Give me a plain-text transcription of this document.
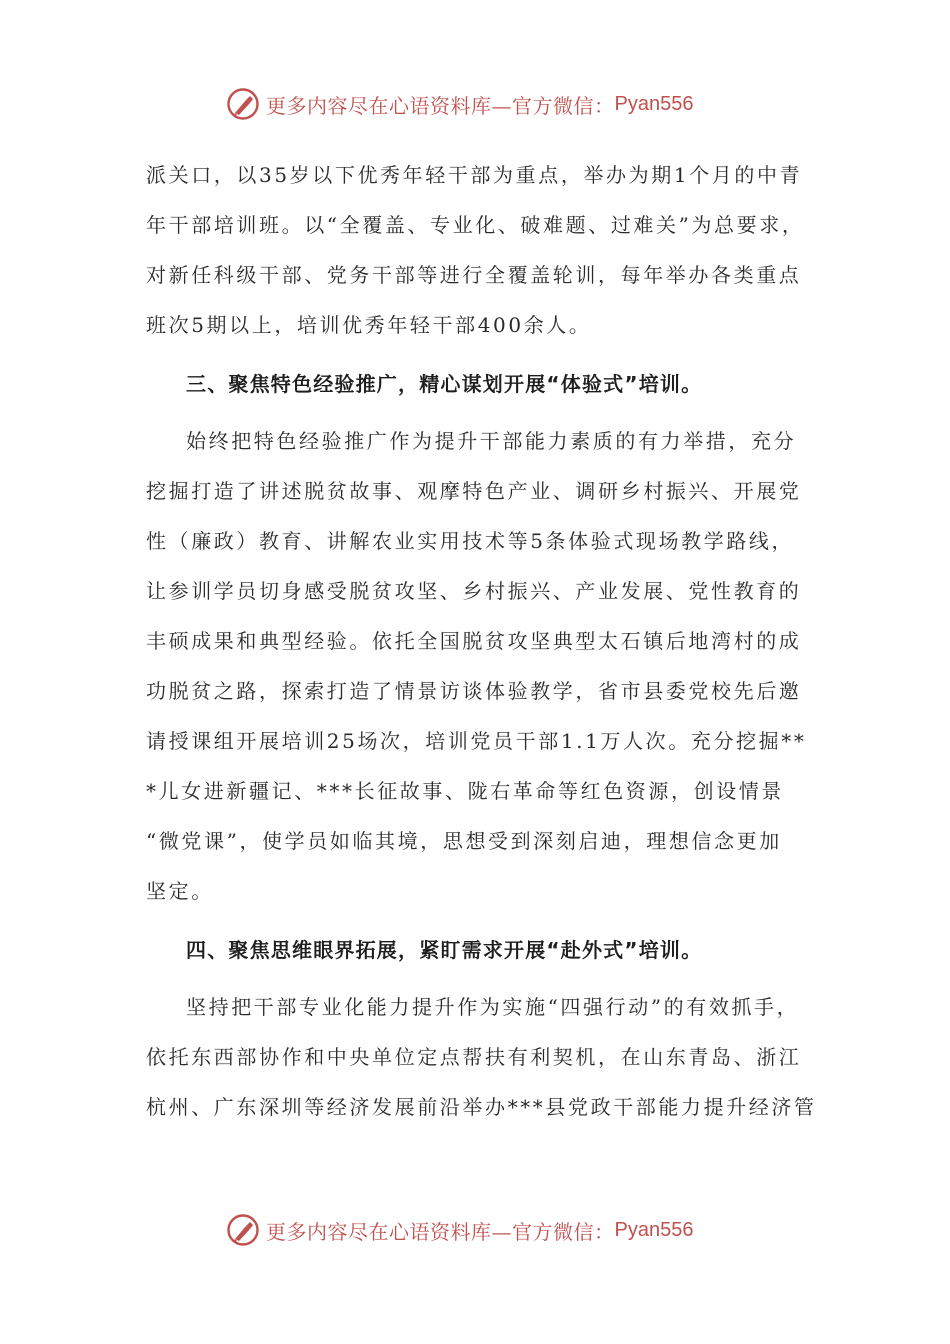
更多内容尽在心语资料库—官方微信： Pyan556

派关口，以35岁以下优秀年轻干部为重点，举办为期1个月的中青
年干部培训班。以“全覆盖、专业化、破难题、过难关”为总要求，
对新任科级干部、党务干部等进行全覆盖轮训，每年举办各类重点
班次5期以上，培训优秀年轻干部400余人。

三、聚焦特色经验推广，精心谋划开展“体验式”培训。

始终把特色经验推广作为提升干部能力素质的有力举措，充分
挖掘打造了讲述脱贫故事、观摩特色产业、调研乡村振兴、开展党
性（廉政）教育、讲解农业实用技术等5条体验式现场教学路线，
让参训学员切身感受脱贫攻坚、乡村振兴、产业发展、党性教育的
丰硕成果和典型经验。依托全国脱贫攻坚典型太石镇后地湾村的成
功脱贫之路，探索打造了情景访谈体验教学，省市县委党校先后邀
请授课组开展培训25场次，培训党员干部1.1万人次。充分挖掘**
*儿女进新疆记、***长征故事、陇右革命等红色资源，创设情景
“微党课”，使学员如临其境，思想受到深刻启迪，理想信念更加
坚定。

四、聚焦思维眼界拓展，紧盯需求开展“赴外式”培训。

坚持把干部专业化能力提升作为实施“四强行动”的有效抓手，
依托东西部协作和中央单位定点帮扶有利契机，在山东青岛、浙江
杭州、广东深圳等经济发展前沿举办***县党政干部能力提升经济管

更多内容尽在心语资料库—官方微信： Pyan556
